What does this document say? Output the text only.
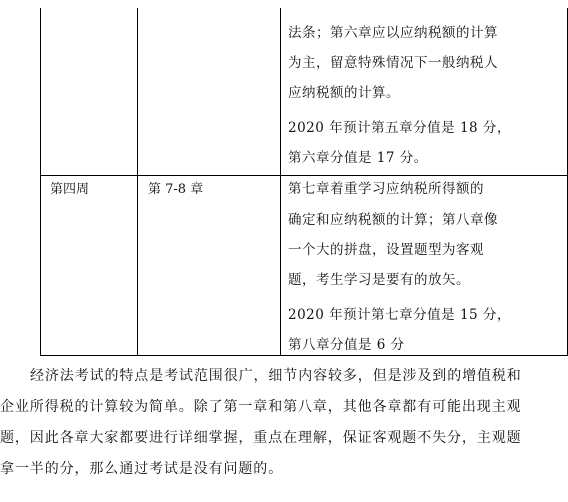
法条；第六章应以应纳税额的计算
为主，留意特殊情况下一般纳税人
应纳税额的计算。
2020 年预计第五章分值是 18 分，
第六章分值是 17 分。
第四周	第 7-8 章	第七章着重学习应纳税所得额的
确定和应纳税额的计算；第八章像
一个大的拼盘，设置题型为客观
题，考生学习是要有的放矢。
2020 年预计第七章分值是 15 分，
第八章分值是 6 分
经济法考试的特点是考试范围很广，细节内容较多，但是涉及到的增值税和
企业所得税的计算较为简单。除了第一章和第八章，其他各章都有可能出现主观
题，因此各章大家都要进行详细掌握，重点在理解，保证客观题不失分，主观题
拿一半的分，那么通过考试是没有问题的。
